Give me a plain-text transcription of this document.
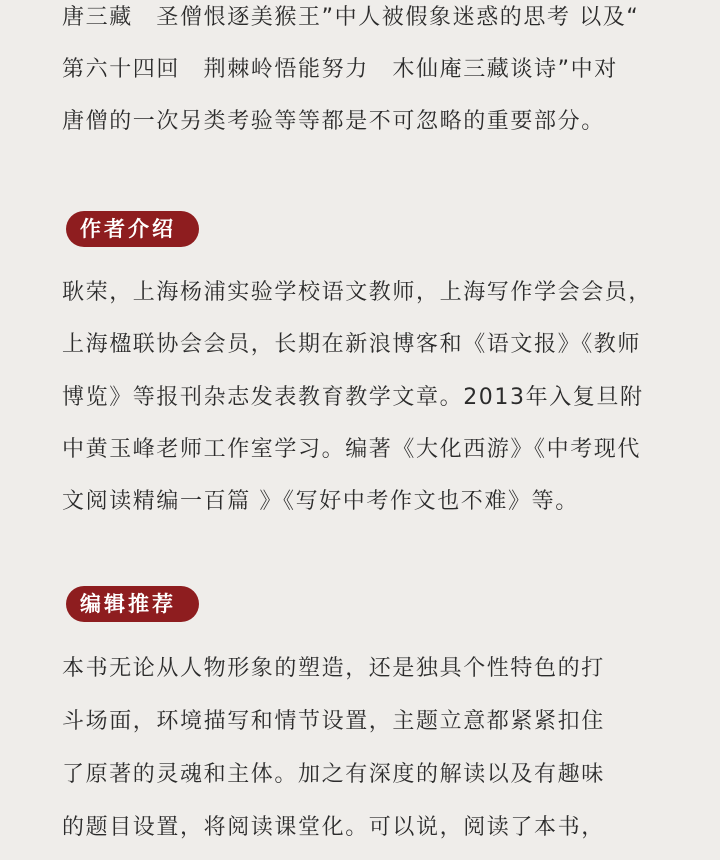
唐三藏　圣僧恨逐美猴王”中人被假象迷惑的思考 以及“
第六十四回　荆棘岭悟能努力　木仙庵三藏谈诗”中对
唐僧的一次另类考验等等都是不可忽略的重要部分。
作者介绍
耿荣，上海杨浦实验学校语文教师，上海写作学会会员，
上海楹联协会会员，长期在新浪博客和《语文报》《教师
博览》等报刊杂志发表教育教学文章。2013年入复旦附
中黄玉峰老师工作室学习。编著《大化西游》《中考现代
文阅读精编一百篇 》《写好中考作文也不难》等。
编辑推荐
本书无论从人物形象的塑造，还是独具个性特色的打
斗场面，环境描写和情节设置，主题立意都紧紧扣住
了原著的灵魂和主体。加之有深度的解读以及有趣味
的题目设置，将阅读课堂化。可以说，阅读了本书，
